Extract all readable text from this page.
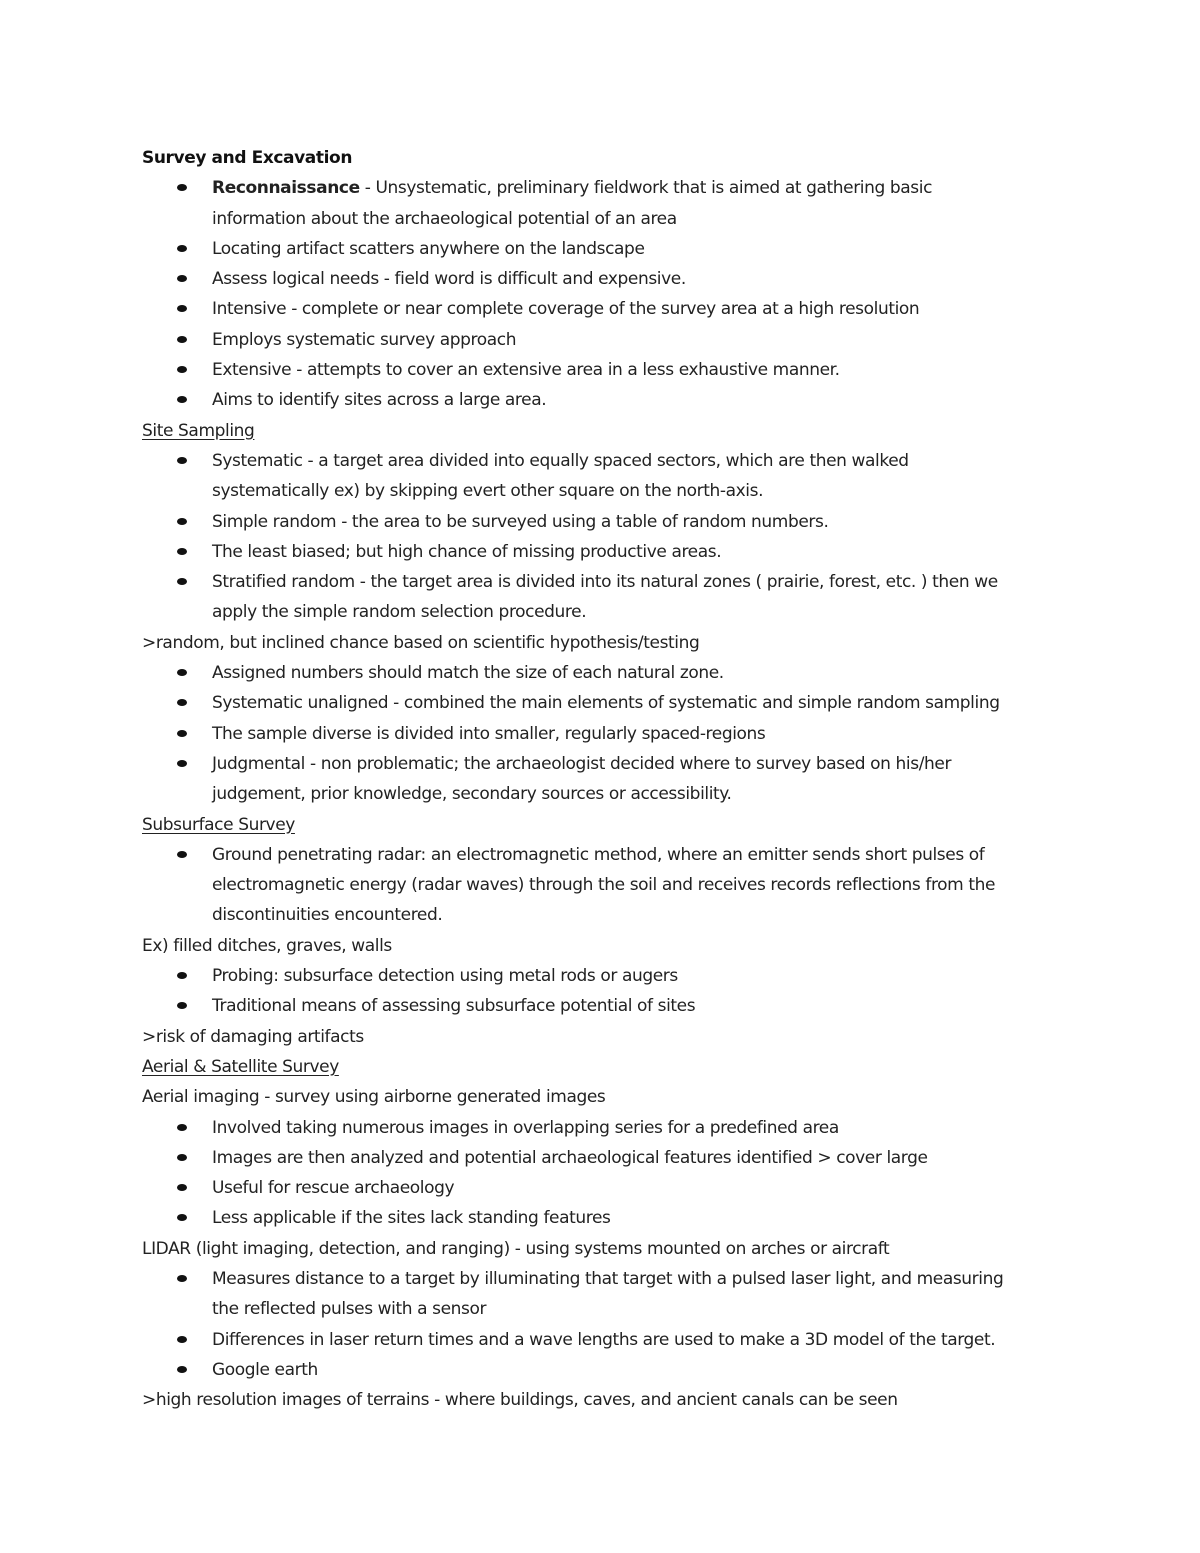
Survey and Excavation
Reconnaissance - Unsystematic, preliminary fieldwork that is aimed at gathering basic
information about the archaeological potential of an area
Locating artifact scatters anywhere on the landscape
Assess logical needs - field word is difficult and expensive.
Intensive - complete or near complete coverage of the survey area at a high resolution
Employs systematic survey approach
Extensive - attempts to cover an extensive area in a less exhaustive manner.
Aims to identify sites across a large area.
Site Sampling
Systematic - a target area divided into equally spaced sectors, which are then walked
systematically ex) by skipping evert other square on the north-axis.
Simple random - the area to be surveyed using a table of random numbers.
The least biased; but high chance of missing productive areas.
Stratified random - the target area is divided into its natural zones ( prairie, forest, etc. ) then we
apply the simple random selection procedure.
>random, but inclined chance based on scientific hypothesis/testing
Assigned numbers should match the size of each natural zone.
Systematic unaligned - combined the main elements of systematic and simple random sampling
The sample diverse is divided into smaller, regularly spaced-regions
Judgmental - non problematic; the archaeologist decided where to survey based on his/her
judgement, prior knowledge, secondary sources or accessibility.
Subsurface Survey
Ground penetrating radar: an electromagnetic method, where an emitter sends short pulses of
electromagnetic energy (radar waves) through the soil and receives records reflections from the
discontinuities encountered.
Ex) filled ditches, graves, walls
Probing: subsurface detection using metal rods or augers
Traditional means of assessing subsurface potential of sites
>risk of damaging artifacts
Aerial & Satellite Survey
Aerial imaging - survey using airborne generated images
Involved taking numerous images in overlapping series for a predefined area
Images are then analyzed and potential archaeological features identified > cover large
Useful for rescue archaeology
Less applicable if the sites lack standing features
LIDAR (light imaging, detection, and ranging) - using systems mounted on arches or aircraft
Measures distance to a target by illuminating that target with a pulsed laser light, and measuring
the reflected pulses with a sensor
Differences in laser return times and a wave lengths are used to make a 3D model of the target.
Google earth
>high resolution images of terrains - where buildings, caves, and ancient canals can be seen
